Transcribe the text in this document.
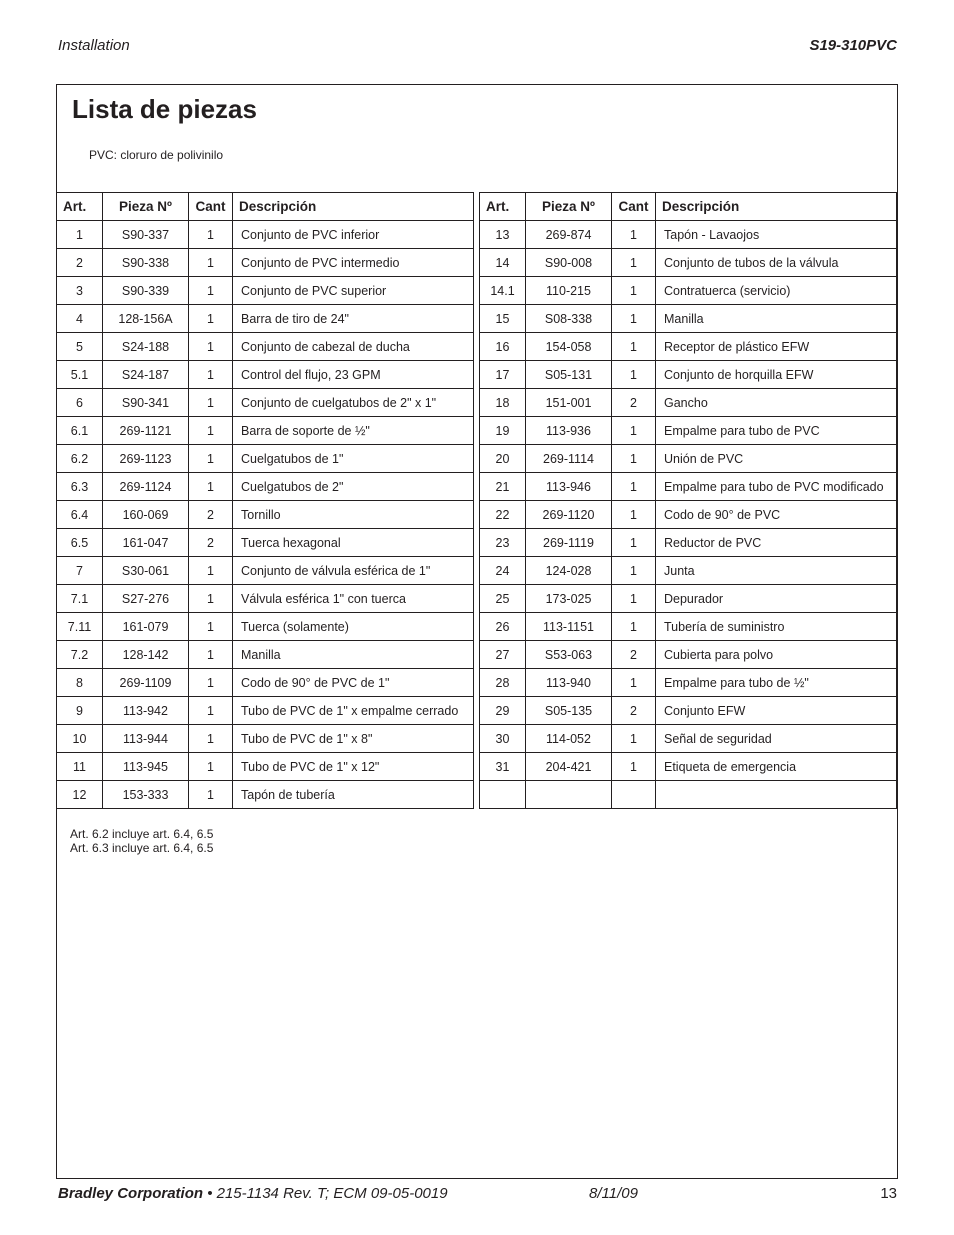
Installation	S19-310PVC
Lista de piezas
PVC: cloruro de polivinilo
Art.	Pieza Nº	Cant	Descripción
1	S90-337	1	Conjunto de PVC inferior
2	S90-338	1	Conjunto de PVC intermedio
3	S90-339	1	Conjunto de PVC superior
4	128-156A	1	Barra de tiro de 24"
5	S24-188	1	Conjunto de cabezal de ducha
5.1	S24-187	1	Control del flujo, 23 GPM
6	S90-341	1	Conjunto de cuelgatubos de 2" x 1"
6.1	269-1121	1	Barra de soporte de ½"
6.2	269-1123	1	Cuelgatubos de 1"
6.3	269-1124	1	Cuelgatubos de 2"
6.4	160-069	2	Tornillo
6.5	161-047	2	Tuerca hexagonal
7	S30-061	1	Conjunto de válvula esférica de 1"
7.1	S27-276	1	Válvula esférica 1" con tuerca
7.11	161-079	1	Tuerca (solamente)
7.2	128-142	1	Manilla
8	269-1109	1	Codo de 90° de PVC de 1"
9	113-942	1	Tubo de PVC de 1" x empalme cerrado
10	113-944	1	Tubo de PVC de 1" x 8"
11	113-945	1	Tubo de PVC de 1" x 12"
12	153-333	1	Tapón de tubería
Art.	Pieza Nº	Cant	Descripción
13	269-874	1	Tapón - Lavaojos
14	S90-008	1	Conjunto de tubos de la válvula
14.1	110-215	1	Contratuerca (servicio)
15	S08-338	1	Manilla
16	154-058	1	Receptor de plástico EFW
17	S05-131	1	Conjunto de horquilla EFW
18	151-001	2	Gancho
19	113-936	1	Empalme para tubo de PVC
20	269-1114	1	Unión de PVC
21	113-946	1	Empalme para tubo de PVC modificado
22	269-1120	1	Codo de 90° de PVC
23	269-1119	1	Reductor de PVC
24	124-028	1	Junta
25	173-025	1	Depurador
26	113-1151	1	Tubería de suministro
27	S53-063	2	Cubierta para polvo
28	113-940	1	Empalme para tubo de ½"
29	S05-135	2	Conjunto EFW
30	114-052	1	Señal de seguridad
31	204-421	1	Etiqueta de emergencia

Art. 6.2 incluye art. 6.4, 6.5
Art. 6.3 incluye art. 6.4, 6.5
Bradley Corporation • 215-1134 Rev. T; ECM 09-05-0019	8/11/09	13
